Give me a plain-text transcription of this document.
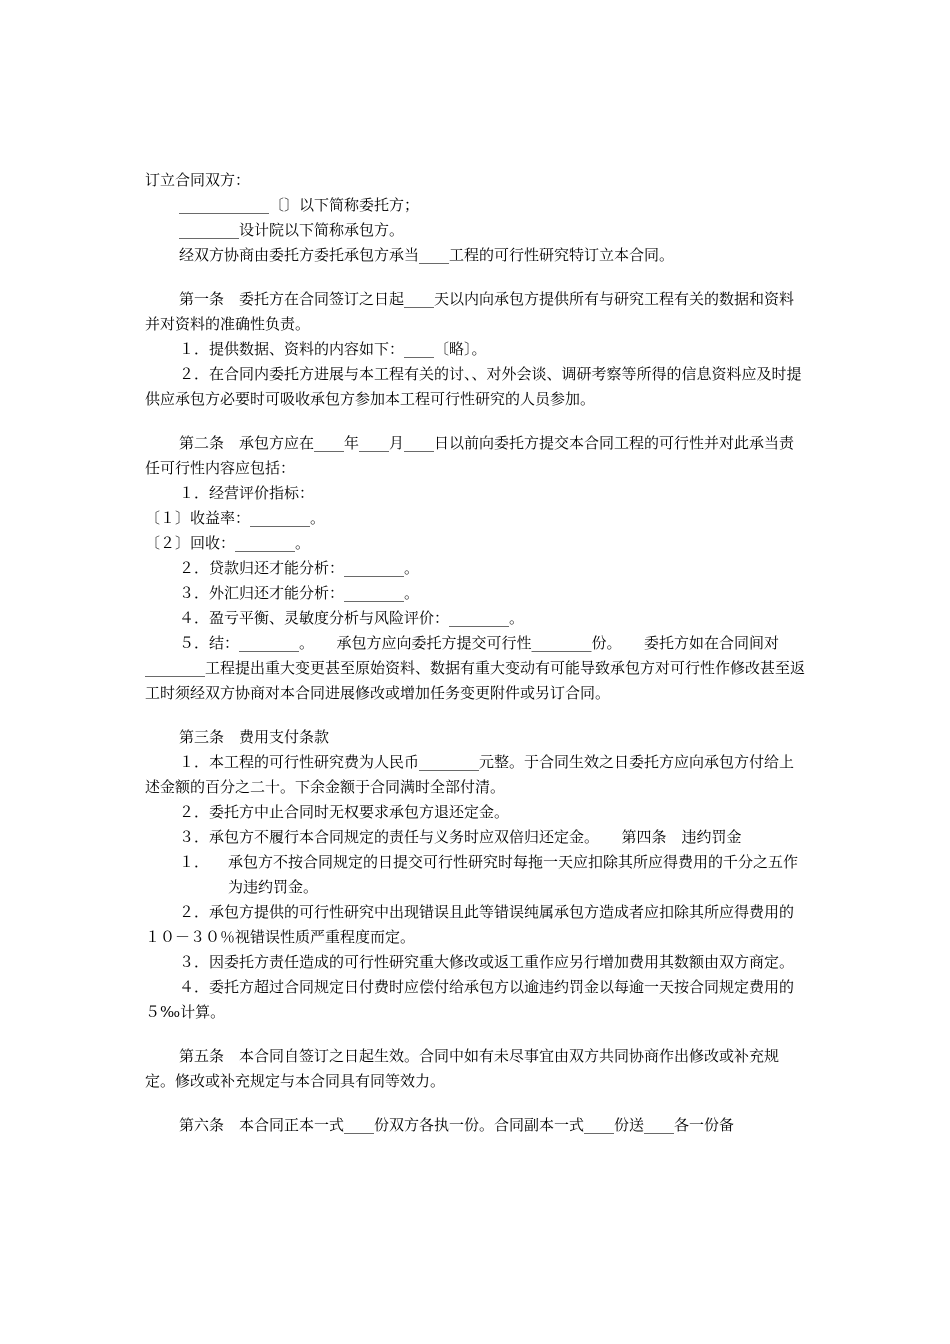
订立合同双方：

____________〔〕以下简称委托方；

________设计院以下简称承包方。

经双方协商由委托方委托承包方承当____工程的可行性研究特订立本合同。

第一条　委托方在合同签订之日起____天以内向承包方提供所有与研究工程有关的数据和资料并对资料的准确性负责。

１．提供数据、资料的内容如下：____〔略〕。

２．在合同内委托方进展与本工程有关的讨、、对外会谈、调研考察等所得的信息资料应及时提供应承包方必要时可吸收承包方参加本工程可行性研究的人员参加。

第二条　承包方应在____年____月____日以前向委托方提交本合同工程的可行性并对此承当责任可行性内容应包括：

１．经营评价指标：

〔１〕收益率：________。

〔２〕回收：________。

２．贷款归还才能分析：________。

３．外汇归还才能分析：________。

４．盈亏平衡、灵敏度分析与风险评价：________。

５．结：________。　　承包方应向委托方提交可行性________份。　　委托方如在合同间对________工程提出重大变更甚至原始资料、数据有重大变动有可能导致承包方对可行性作修改甚至返工时须经双方协商对本合同进展修改或增加任务变更附件或另订合同。

第三条　费用支付条款

１．本工程的可行性研究费为人民币________元整。于合同生效之日委托方应向承包方付给上述金额的百分之二十。下余金额于合同满时全部付清。

２．委托方中止合同时无权要求承包方退还定金。

３．承包方不履行本合同规定的责任与义务时应双倍归还定金。　　第四条　违约罚金

１．	承包方不按合同规定的日提交可行性研究时每拖一天应扣除其所应得费用的千分之五作为违约罚金。

２．承包方提供的可行性研究中出现错误且此等错误纯属承包方造成者应扣除其所应得费用的１０－３０％视错误性质严重程度而定。

３．因委托方责任造成的可行性研究重大修改或返工重作应另行增加费用其数额由双方商定。

４．委托方超过合同规定日付费时应偿付给承包方以逾违约罚金以每逾一天按合同规定费用的５‰计算。

第五条　本合同自签订之日起生效。合同中如有未尽事宜由双方共同协商作出修改或补充规定。修改或补充规定与本合同具有同等效力。

第六条　本合同正本一式____份双方各执一份。合同副本一式____份送____各一份备
